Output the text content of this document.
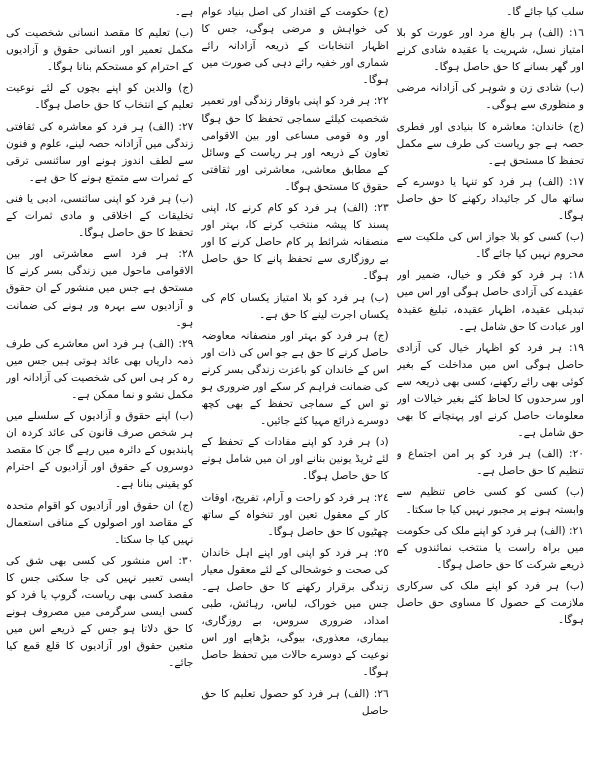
سلب کیا جائے گا۔

١٦: (الف) ہر بالغ مرد اور عورت کو بلا امتیاز نسل، شہریت یا عقیدہ شادی کرنے اور گھر بسانے کا حق حاصل ہوگا۔

(ب) شادی زن و شوہر کی آزادانہ مرضی و منظوری سے ہوگی۔

(ج) خاندان: معاشرہ کا بنیادی اور فطری حصہ ہے جو ریاست کی طرف سے مکمل تحفظ کا مستحق ہے۔

١٧: (الف) ہر فرد کو تنہا یا دوسرے کے ساتھ مال کر جائیداد رکھنے کا حق حاصل ہوگا۔

(ب) کسی کو بلا جواز اس کی ملکیت سے محروم نہیں کیا جائے گا۔

١٨: ہر فرد کو فکر و خیال، ضمیر اور عقیدے کی آزادی حاصل ہوگی اور اس میں تبدیلی عقیدہ، اظہار عقیدہ، تبلیغ عقیدہ اور عبادت کا حق شامل ہے۔

١٩: ہر فرد کو اظہار خیال کی آزادی حاصل ہوگی اس میں مداخلت کے بغیر کوئی بھی رائے رکھنے، کسی بھی ذریعہ سے اور سرحدوں کا لحاظ کئے بغیر خیالات اور معلومات حاصل کرنے اور پہنچانے کا بھی حق شامل ہے۔

٢٠: (الف) ہر فرد کو پر امن اجتماع و تنظیم کا حق حاصل ہے۔

(ب) کسی کو کسی خاص تنظیم سے وابستہ ہونے پر مجبور نہیں کیا جا سکتا۔

٢١: (الف) ہر فرد کو اپنے ملک کی حکومت میں براہ راست یا منتخب نمائندوں کے ذریعے شرکت کا حق حاصل ہوگا۔

(ب) ہر فرد کو اپنے ملک کی سرکاری ملازمت کے حصول کا مساوی حق حاصل ہوگا۔

(ج) حکومت کے اقتدار کی اصل بنیاد عوام کی خواہش و مرضی ہوگی، جس کا اظہار انتخابات کے ذریعہ آزادانہ رائے شماری اور خفیہ رائے دہی کی صورت میں ہوگا۔

٢٢: ہر فرد کو اپنی باوقار زندگی اور تعمیر شخصیت کیلئے سماجی تحفظ کا حق ہوگا اور وہ قومی مساعی اور بین الاقوامی تعاون کے ذریعہ اور ہر ریاست کے وسائل کے مطابق معاشی، معاشرتی اور ثقافتی حقوق کا مستحق ہوگا۔

٢٣: (الف) ہر فرد کو کام کرنے کا، اپنی پسند کا پیشہ منتخب کرنے کا، بہتر اور منصفانہ شرائط پر کام حاصل کرنے کا اور بے روزگاری سے تحفظ پانے کا حق حاصل ہوگا۔

(ب) ہر فرد کو بلا امتیاز یکساں کام کی یکساں اجرت لینے کا حق ہے۔

(ج) ہر فرد کو بہتر اور منصفانہ معاوضہ حاصل کرنے کا حق ہے جو اس کی ذات اور اس کے خاندان کو باعزت زندگی بسر کرنے کی ضمانت فراہم کر سکے اور ضروری ہو تو اس کے سماجی تحفظ کے بھی کچھ دوسرے ذرائع مہیا کئے جائیں۔

(د) ہر فرد کو اپنے مفادات کے تحفظ کے لئے ٹریڈ یونین بنانے اور ان میں شامل ہونے کا حق حاصل ہوگا۔

٢٤: ہر فرد کو راحت و آرام، تفریح، اوقات کار کے معقول تعین اور تنخواہ کے ساتھ چھٹیوں کا حق حاصل ہوگا۔

٢٥: ہر فرد کو اپنی اور اپنے اہل خاندان کی صحت و خوشحالی کے لئے معقول معیار زندگی برقرار رکھنے کا حق حاصل ہے۔ جس میں خوراک، لباس، رہائش، طبی امداد، ضروری سروس، بے روزگاری، بیماری، معذوری، بیوگی، بڑھاپے اور اس نوعیت کے دوسرے حالات میں تحفظ حاصل ہوگا۔

٢٦: (الف) ہر فرد کو حصول تعلیم کا حق حاصل

ہے۔

(ب) تعلیم کا مقصد انسانی شخصیت کی مکمل تعمیر اور انسانی حقوق و آزادیوں کے احترام کو مستحکم بنانا ہوگا۔

(ج) والدین کو اپنے بچوں کے لئے نوعیت تعلیم کے انتخاب کا حق حاصل ہوگا۔

٢٧: (الف) ہر فرد کو معاشرہ کی ثقافتی زندگی میں آزادانہ حصہ لینے، علوم و فنون سے لطف اندوز ہونے اور سائنسی ترقی کے ثمرات سے متمتع ہونے کا حق ہے۔

(ب) ہر فرد کو اپنی سائنسی، ادبی یا فنی تخلیقات کے اخلاقی و مادی ثمرات کے تحفظ کا حق حاصل ہوگا۔

٢٨: ہر فرد اسے معاشرتی اور بین الاقوامی ماحول میں زندگی بسر کرنے کا مستحق ہے جس میں منشور کے ان حقوق و آزادیوں سے بہرہ ور ہونے کی ضمانت ہو۔

٢٩: (الف) ہر فرد اس معاشرے کی طرف ذمہ داریاں بھی عائد ہوتی ہیں جس میں رہ کر ہی اس کی شخصیت کی آزادانہ اور مکمل نشو و نما ممکن ہے۔

(ب) اپنے حقوق و آزادیوں کے سلسلے میں ہر شخص صرف قانون کی عائد کردہ ان پابندیوں کے دائرہ میں رہے گا جن کا مقصد دوسروں کے حقوق اور آزادیوں کے احترام کو یقینی بنانا ہے۔

(ج) ان حقوق اور آزادیوں کو اقوام متحدہ کے مقاصد اور اصولوں کے منافی استعمال نہیں کیا جا سکتا۔

٣٠: اس منشور کی کسی بھی شق کی ایسی تعبیر نہیں کی جا سکتی جس کا مقصد کسی بھی ریاست، گروپ یا فرد کو کسی ایسی سرگرمی میں مصروف ہونے کا حق دلاتا ہو جس کے ذریعے اس میں متعین حقوق اور آزادیوں کا قلع قمع کیا جائے۔
